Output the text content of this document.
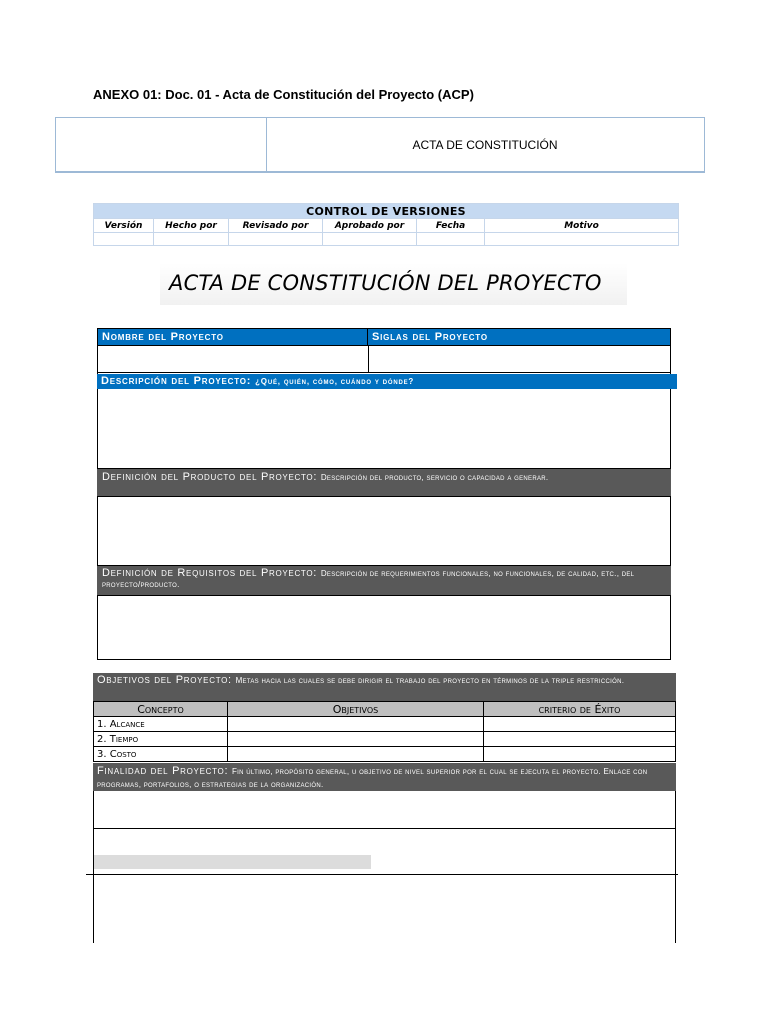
ANEXO 01: Doc. 01 - Acta de Constitución del Proyecto (ACP)
ACTA DE CONSTITUCIÓN
CONTROL DE VERSIONES					
Versión	Hecho por	Revisado por	Aprobado por	Fecha	Motivo

ACTA DE CONSTITUCIÓN DEL PROYECTO
Nombre del Proyecto	Siglas del Proyecto
Descripción del Proyecto: ¿Qué, quién, cómo, cuándo y dónde?
Definición del Producto del Proyecto: Descripción del producto, servicio o capacidad a generar.
Definición de Requisitos del Proyecto: Descripción de requerimientos funcionales, no funcionales, de calidad, etc., del proyecto/producto.
Objetivos del Proyecto: Metas hacia las cuales se debe dirigir el trabajo del proyecto en términos de la triple restricción.
Concepto	Objetivos	criterio de Éxito
1. Alcance		
2. Tiempo		
3. Costo		
Finalidad del Proyecto: Fin último, propósito general, u objetivo de nivel superior por el cual se ejecuta el proyecto. Enlace con programas, portafolios, o estrategias de la organización.
